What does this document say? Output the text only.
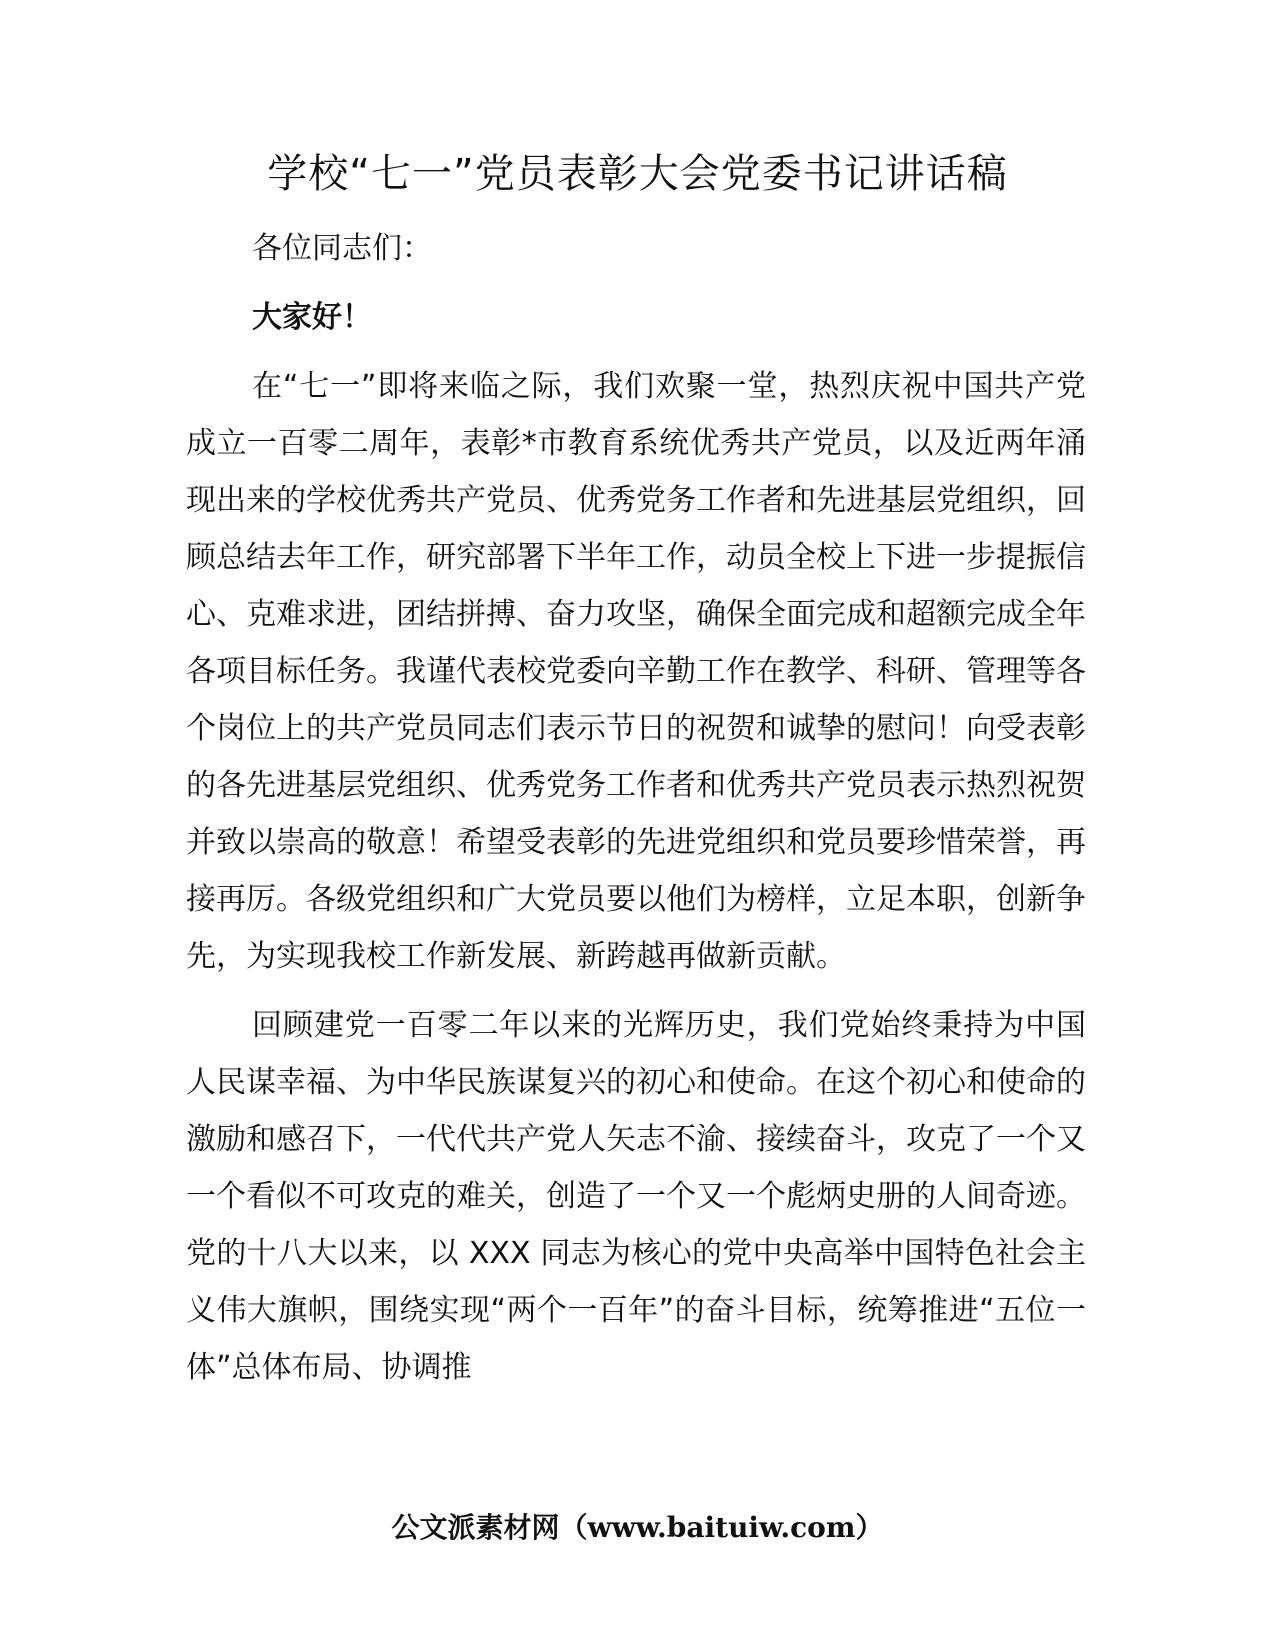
学校“七一”党员表彰大会党委书记讲话稿

各位同志们：

大家好！

在“七一”即将来临之际，我们欢聚一堂，热烈庆祝中国共产党成立一百零二周年，表彰*市教育系统优秀共产党员，以及近两年涌现出来的学校优秀共产党员、优秀党务工作者和先进基层党组织，回顾总结去年工作，研究部署下半年工作，动员全校上下进一步提振信心、克难求进，团结拼搏、奋力攻坚，确保全面完成和超额完成全年各项目标任务。我谨代表校党委向辛勤工作在教学、科研、管理等各个岗位上的共产党员同志们表示节日的祝贺和诚挚的慰问！向受表彰的各先进基层党组织、优秀党务工作者和优秀共产党员表示热烈祝贺并致以崇高的敬意！希望受表彰的先进党组织和党员要珍惜荣誉，再接再厉。各级党组织和广大党员要以他们为榜样，立足本职，创新争先，为实现我校工作新发展、新跨越再做新贡献。

回顾建党一百零二年以来的光辉历史，我们党始终秉持为中国人民谋幸福、为中华民族谋复兴的初心和使命。在这个初心和使命的激励和感召下，一代代共产党人矢志不渝、接续奋斗，攻克了一个又一个看似不可攻克的难关，创造了一个又一个彪炳史册的人间奇迹。党的十八大以来，以 XXX 同志为核心的党中央高举中国特色社会主义伟大旗帜，围绕实现“两个一百年”的奋斗目标，统筹推进“五位一体”总体布局、协调推

公文派素材网（www.baituiw.com）
